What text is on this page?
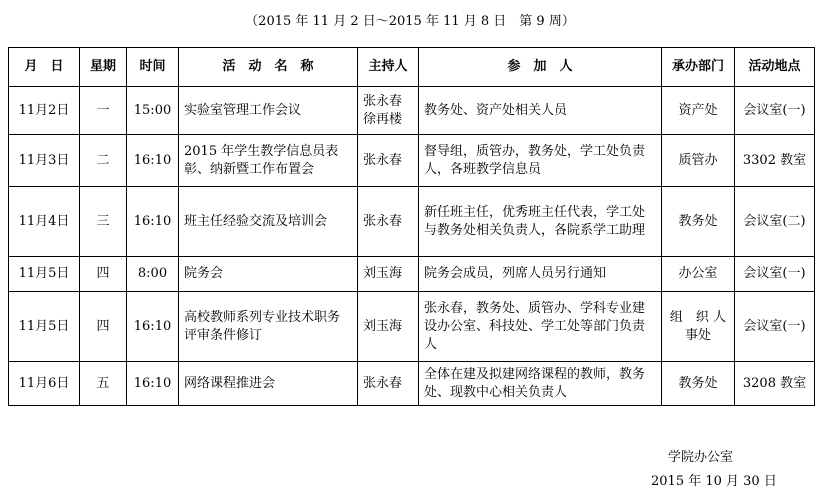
（2015 年 11 月 2 日～2015 年 11 月 8 日　第 9 周）
月　日	星期	时间	活　动　名　称	主持人	参　加　人	承办部门	活动地点
11月2日	一	15:00	实验室管理工作会议	张永春 徐再楼	教务处、资产处相关人员	资产处	会议室(一)
11月3日	二	16:10	2015 年学生教学信息员表彰、纳新暨工作布置会	张永春	督导组，质管办，教务处，学工处负责人，各班教学信息员	质管办	3302 教室
11月4日	三	16:10	班主任经验交流及培训会	张永春	新任班主任，优秀班主任代表，学工处与教务处相关负责人，各院系学工助理	教务处	会议室(二)
11月5日	四	8:00	院务会	刘玉海	院务会成员，列席人员另行通知	办公室	会议室(一)
11月5日	四	16:10	高校教师系列专业技术职务评审条件修订	刘玉海	张永春，教务处、质管办、学科专业建设办公室、科技处、学工处等部门负责人	组　织 人事处	会议室(一)
11月6日	五	16:10	网络课程推进会	张永春	全体在建及拟建网络课程的教师，教务处、现教中心相关负责人	教务处	3208 教室
学院办公室
2015 年 10 月 30 日
